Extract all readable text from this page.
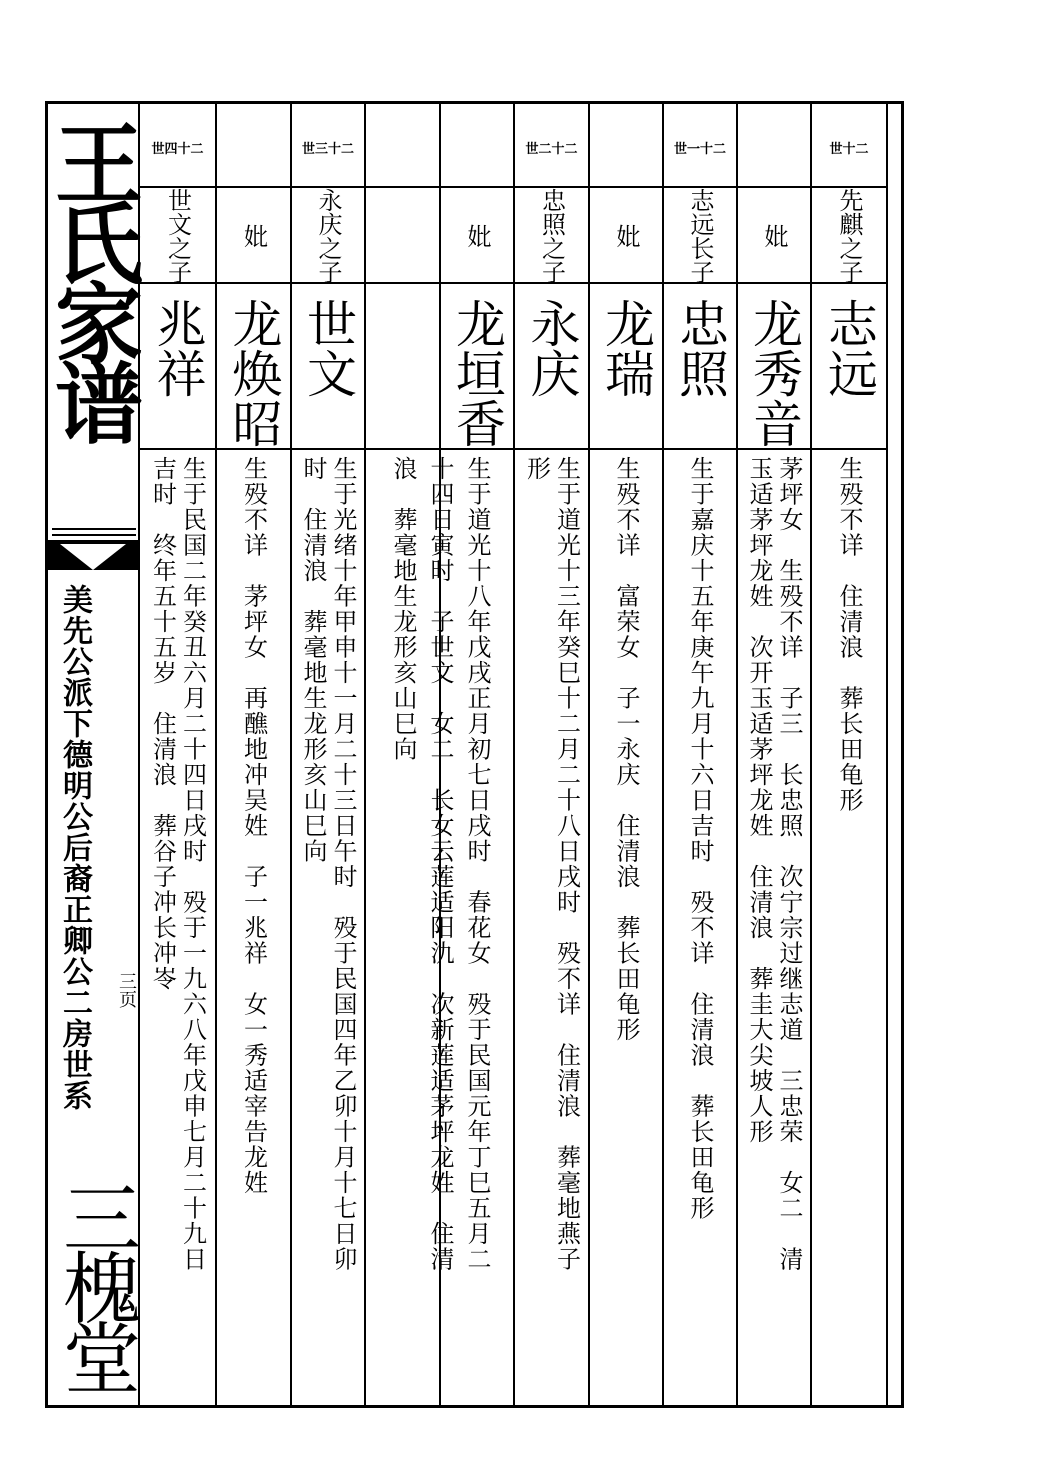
王氏家谱
美先公派下德明公后裔正卿公二房世系 三页
三槐堂
世十二
先麒之子
志远
生殁不详　住清浪　葬长田龟形
妣
龙秀音
茅坪女　生殁不详　子三　长忠照　次宁宗过继志道　三忠荣　女二　清
玉适茅坪龙姓　次开玉适茅坪龙姓　住清浪　葬圭大尖坡人形
世一十二
志远长子
忠照
生于嘉庆十五年庚午九月十六日吉时　殁不详　住清浪　葬长田龟形
妣
龙瑞
生殁不详　富荣女　子一永庆　住清浪　葬长田龟形
世二十二
忠照之子
永庆
生于道光十三年癸巳十二月二十八日戌时　殁不详　住清浪　葬毫地燕子
形
妣
龙垣香
生于道光十八年戊戌正月初七日戌时　春花女　殁于民国元年丁巳五月二
十四日寅时　子世文　女二　长女云莲适阳氿　次新莲适茅坪龙姓　住清
浪　葬毫地生龙形亥山巳向
世三十二
永庆之子
世文
生于光绪十年甲申十一月二十三日午时　殁于民国四年乙卯十月十七日卯
时　住清浪　葬毫地生龙形亥山巳向
妣
龙焕昭
生殁不详　茅坪女　再醮地冲吴姓　子一兆祥　女一秀适宰告龙姓
世四十二
世文之子
兆祥
生于民国二年癸丑六月二十四日戌时　殁于一九六八年戊申七月二十九日
吉时　终年五十五岁　住清浪　葬谷子冲长冲岺
